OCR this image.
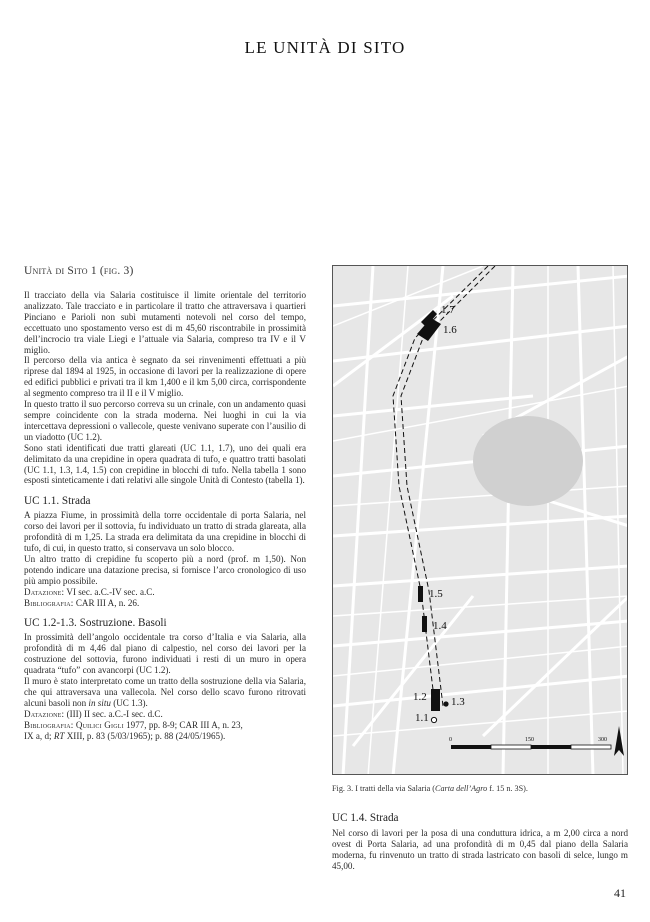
LE UNITÀ DI SITO
Unità di Sito 1 (fig. 3)

Il tracciato della via Salaria costituisce il limite orientale del territorio analizzato. Tale tracciato e in particolare il tratto che attraversava i quartieri Pinciano e Parioli non subì mutamenti notevoli nel corso del tempo, eccettuato uno spostamento verso est di m 45,60 riscontrabile in prossimità dell’incrocio tra viale Liegi e l’attuale via Salaria, compreso tra IV e il V miglio.

Il percorso della via antica è segnato da sei rinvenimenti effettuati a più riprese dal 1894 al 1925, in occasione di lavori per la realizzazione di opere ed edifici pubblici e privati tra il km 1,400 e il km 5,00 circa, corrispondente al segmento compreso tra il II e il V miglio.

In questo tratto il suo percorso correva su un crinale, con un andamento quasi sempre coincidente con la strada moderna. Nei luoghi in cui la via intercettava depressioni o vallecole, queste venivano superate con l’ausilio di un viadotto (UC 1.2).

Sono stati identificati due tratti glareati (UC 1.1, 1.7), uno dei quali era delimitato da una crepidine in opera quadrata di tufo, e quattro tratti basolati (UC 1.1, 1.3, 1.4, 1.5) con crepidine in blocchi di tufo. Nella tabella 1 sono esposti sinteticamente i dati relativi alle singole Unità di Contesto (tabella 1).

UC 1.1. Strada

A piazza Fiume, in prossimità della torre occidentale di porta Salaria, nel corso dei lavori per il sottovia, fu individuato un tratto di strada glareata, alla profondità di m 1,25. La strada era delimitata da una crepidine in blocchi di tufo, di cui, in questo tratto, si conservava un solo blocco.

Un altro tratto di crepidine fu scoperto più a nord (prof. m 1,50). Non potendo indicare una datazione precisa, si fornisce l’arco cronologico di uso più ampio possibile.

Datazione: VI sec. a.C.-IV sec. a.C.
Bibliografia: CAR III A, n. 26.
UC 1.2-1.3. Sostruzione. Basoli

In prossimità dell’angolo occidentale tra corso d’Italia e via Salaria, alla profondità di m 4,46 dal piano di calpestio, nel corso dei lavori per la costruzione del sottovia, furono individuati i resti di un muro in opera quadrata “tufo” con avancorpi (UC 1.2).

Il muro è stato interpretato come un tratto della sostruzione della via Salaria, che qui attraversava una vallecola. Nel corso dello scavo furono ritrovati alcuni basoli non in situ (UC 1.3).

Datazione: (III) II sec. a.C.-I sec. d.C.
Bibliografia: Quilici Gigli 1977, pp. 8-9; CAR III A, n. 23,
IX a, d; RT XIII, p. 83 (5/03/1965); p. 88 (24/05/1965).	0	150	300
1.7
1.6
1.5
1.4
1.2 1.3
1.1
Fig. 3. I tratti della via Salaria (Carta dell’Agro f. 15 n. 3S).
UC 1.4. Strada

Nel corso di lavori per la posa di una conduttura idrica, a m 2,00 circa a nord ovest di Porta Salaria, ad una profondità di m 0,45 dal piano della Salaria moderna, fu rinvenuto un tratto di strada lastricato con basoli di selce, lungo m 45,00.

41
